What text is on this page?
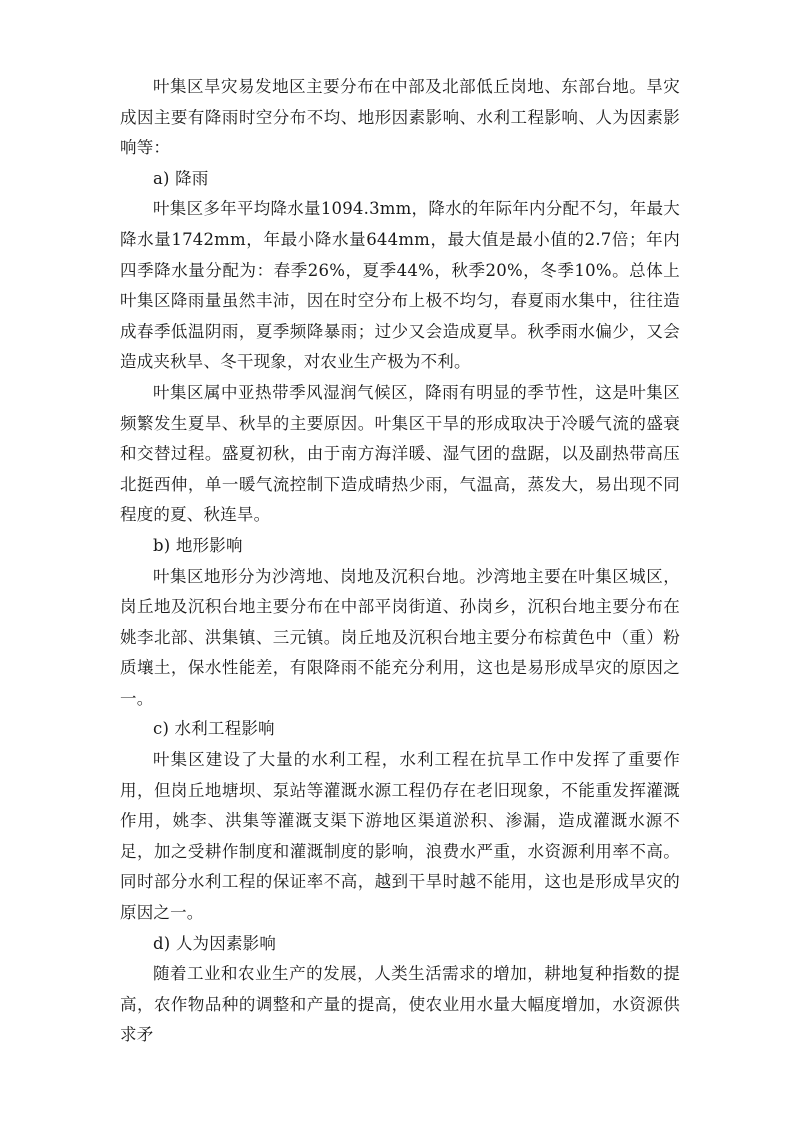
叶集区旱灾易发地区主要分布在中部及北部低丘岗地、东部台地。旱灾成因主要有降雨时空分布不均、地形因素影响、水利工程影响、人为因素影响等：

a) 降雨

叶集区多年平均降水量1094.3mm，降水的年际年内分配不匀，年最大降水量1742mm，年最小降水量644mm，最大值是最小值的2.7倍；年内四季降水量分配为：春季26%，夏季44%，秋季20%，冬季10%。总体上叶集区降雨量虽然丰沛，因在时空分布上极不均匀，春夏雨水集中，往往造成春季低温阴雨，夏季频降暴雨；过少又会造成夏旱。秋季雨水偏少，又会造成夹秋旱、冬干现象，对农业生产极为不利。

叶集区属中亚热带季风湿润气候区，降雨有明显的季节性，这是叶集区频繁发生夏旱、秋旱的主要原因。叶集区干旱的形成取决于冷暖气流的盛衰和交替过程。盛夏初秋，由于南方海洋暖、湿气团的盘踞，以及副热带高压北挺西伸，单一暖气流控制下造成晴热少雨，气温高，蒸发大，易出现不同程度的夏、秋连旱。

b) 地形影响

叶集区地形分为沙湾地、岗地及沉积台地。沙湾地主要在叶集区城区，岗丘地及沉积台地主要分布在中部平岗街道、孙岗乡，沉积台地主要分布在姚李北部、洪集镇、三元镇。岗丘地及沉积台地主要分布棕黄色中（重）粉质壤土，保水性能差，有限降雨不能充分利用，这也是易形成旱灾的原因之一。

c) 水利工程影响

叶集区建设了大量的水利工程，水利工程在抗旱工作中发挥了重要作用，但岗丘地塘坝、泵站等灌溉水源工程仍存在老旧现象，不能重发挥灌溉作用，姚李、洪集等灌溉支渠下游地区渠道淤积、渗漏，造成灌溉水源不足，加之受耕作制度和灌溉制度的影响，浪费水严重，水资源利用率不高。同时部分水利工程的保证率不高，越到干旱时越不能用，这也是形成旱灾的原因之一。

d) 人为因素影响

随着工业和农业生产的发展，人类生活需求的增加，耕地复种指数的提高，农作物品种的调整和产量的提高，使农业用水量大幅度增加，水资源供求矛
